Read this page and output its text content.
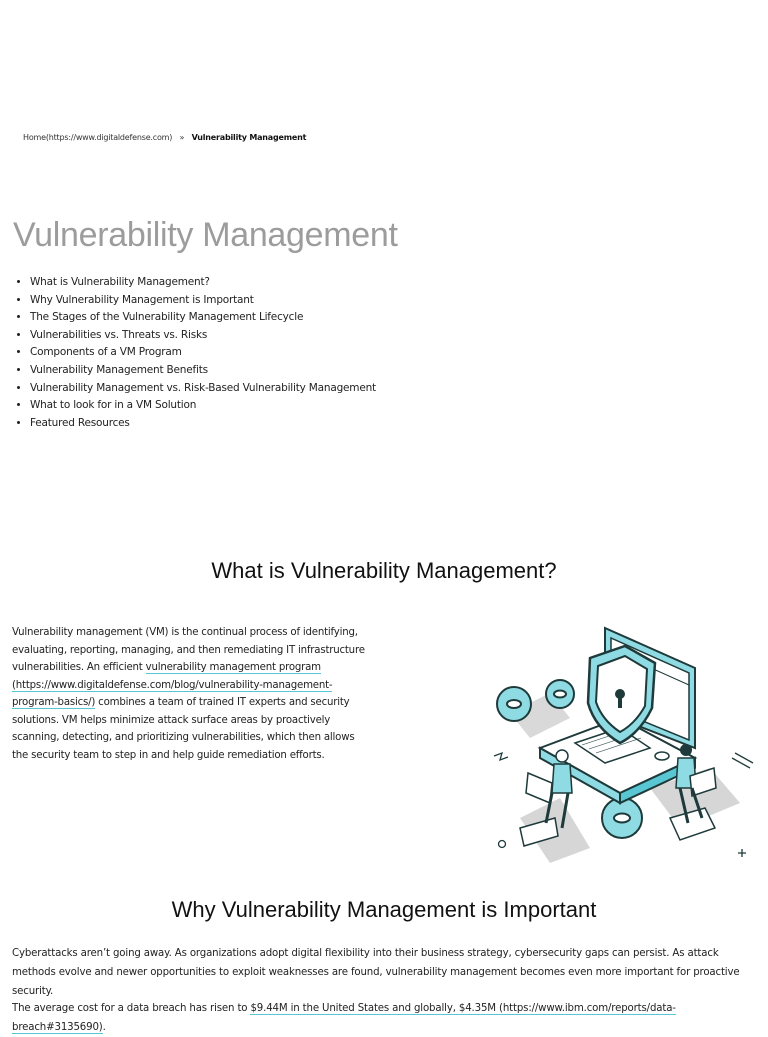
Home(https://www.digitaldefense.com) » Vulnerability Management
Vulnerability Management
• What is Vulnerability Management?
• Why Vulnerability Management is Important
• The Stages of the Vulnerability Management Lifecycle
• Vulnerabilities vs. Threats vs. Risks
• Components of a VM Program
• Vulnerability Management Benefits
• Vulnerability Management vs. Risk-Based Vulnerability Management
• What to look for in a VM Solution
• Featured Resources
What is Vulnerability Management?

Vulnerability management (VM) is the continual process of identifying, evaluating, reporting, managing, and then remediating IT infrastructure vulnerabilities. An efficient vulnerability management program (https://www.digitaldefense.com/blog/vulnerability-management-program-basics/) combines a team of trained IT experts and security solutions. VM helps minimize attack surface areas by proactively scanning, detecting, and prioritizing vulnerabilities, which then allows the security team to step in and help guide remediation efforts.

Why Vulnerability Management is Important

Cyberattacks aren’t going away. As organizations adopt digital flexibility into their business strategy, cybersecurity gaps can persist. As attack methods evolve and newer opportunities to exploit weaknesses are found, vulnerability management becomes even more important for proactive security.

The average cost for a data breach has risen to $9.44M in the United States and globally, $4.35M (https://www.ibm.com/reports/data-breach#3135690).
